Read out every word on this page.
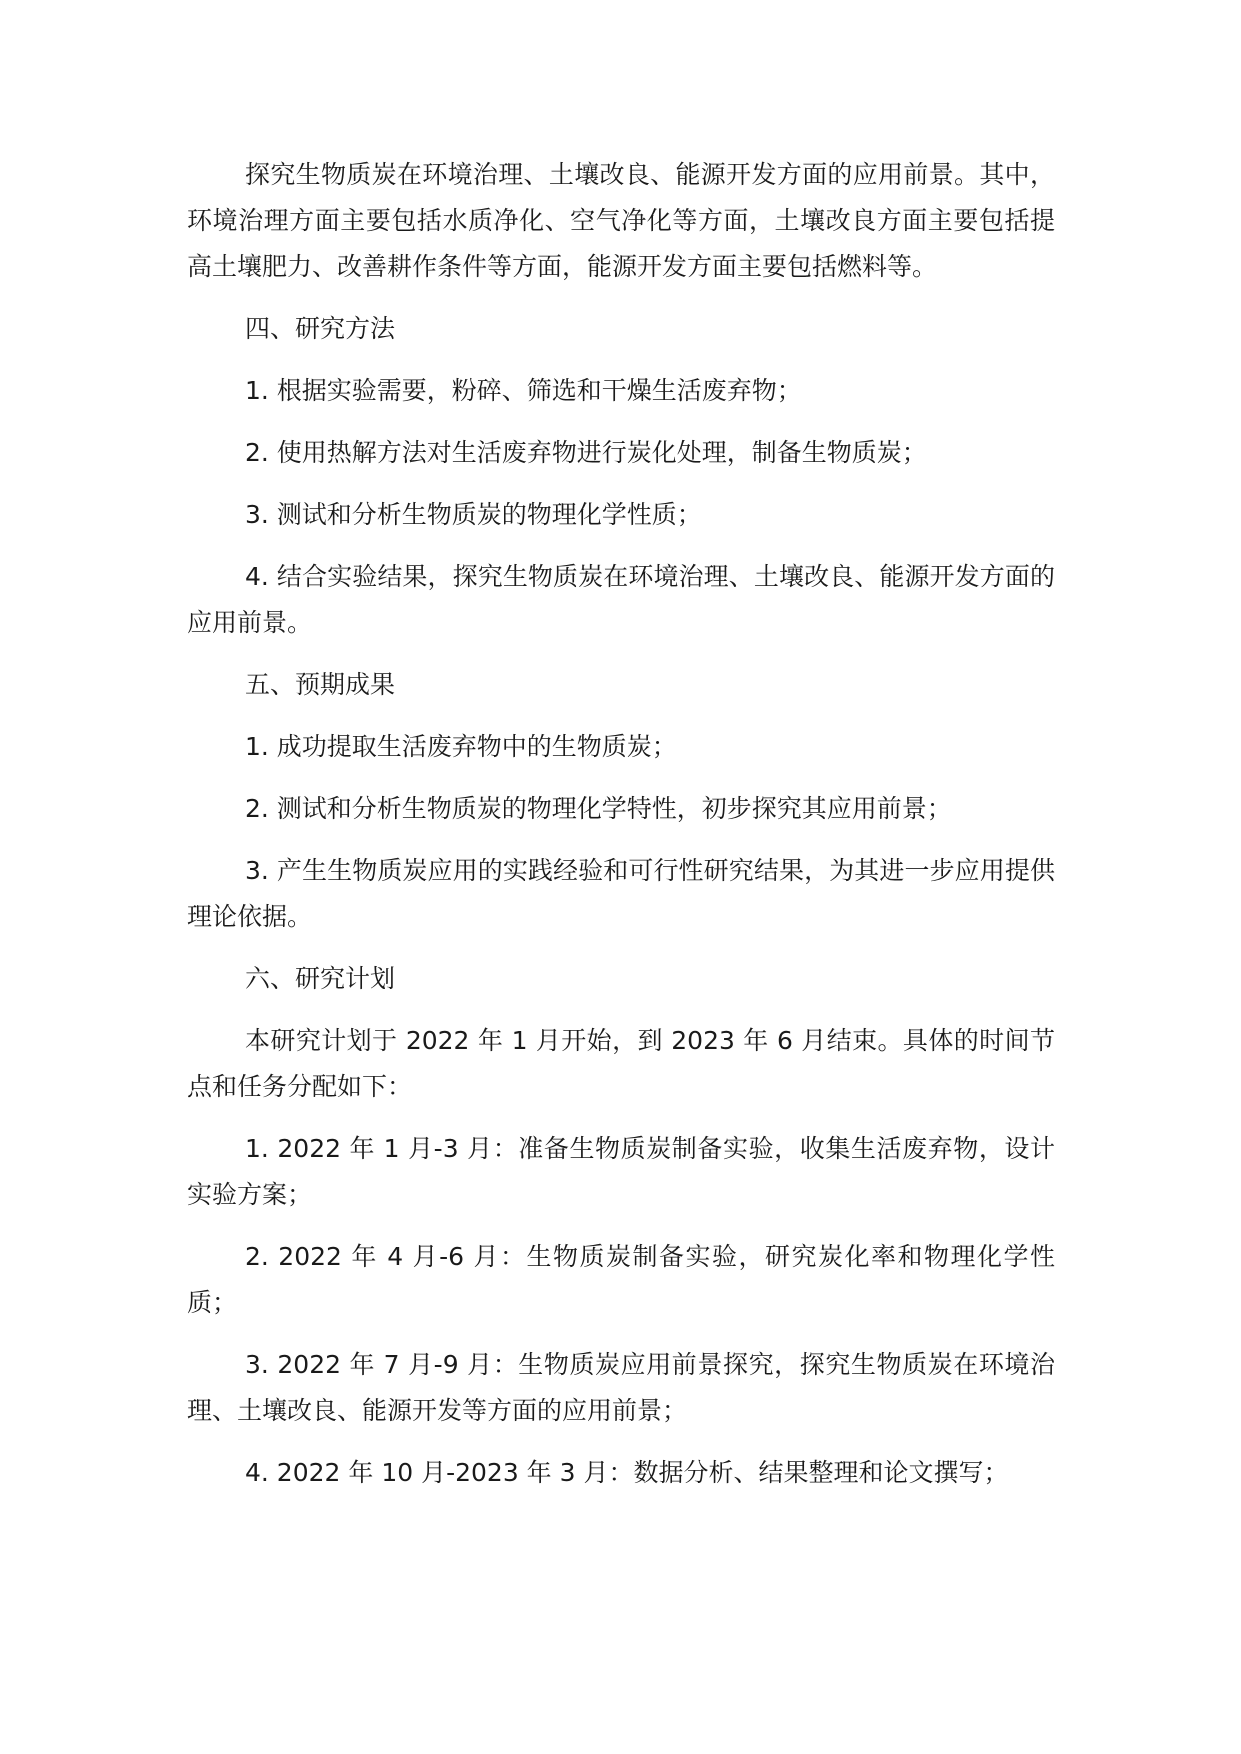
探究生物质炭在环境治理、土壤改良、能源开发方面的应用前景。其中，环境治理方面主要包括水质净化、空气净化等方面，土壤改良方面主要包括提高土壤肥力、改善耕作条件等方面，能源开发方面主要包括燃料等。

四、研究方法

1. 根据实验需要，粉碎、筛选和干燥生活废弃物；

2. 使用热解方法对生活废弃物进行炭化处理，制备生物质炭；

3. 测试和分析生物质炭的物理化学性质；

4. 结合实验结果，探究生物质炭在环境治理、土壤改良、能源开发方面的应用前景。

五、预期成果

1. 成功提取生活废弃物中的生物质炭；

2. 测试和分析生物质炭的物理化学特性，初步探究其应用前景；

3. 产生生物质炭应用的实践经验和可行性研究结果，为其进一步应用提供理论依据。

六、研究计划

本研究计划于 2022 年 1 月开始，到 2023 年 6 月结束。具体的时间节点和任务分配如下：

1. 2022 年 1 月-3 月：准备生物质炭制备实验，收集生活废弃物，设计实验方案；

2. 2022 年 4 月-6 月：生物质炭制备实验，研究炭化率和物理化学性质；

3. 2022 年 7 月-9 月：生物质炭应用前景探究，探究生物质炭在环境治理、土壤改良、能源开发等方面的应用前景；

4. 2022 年 10 月-2023 年 3 月：数据分析、结果整理和论文撰写；
